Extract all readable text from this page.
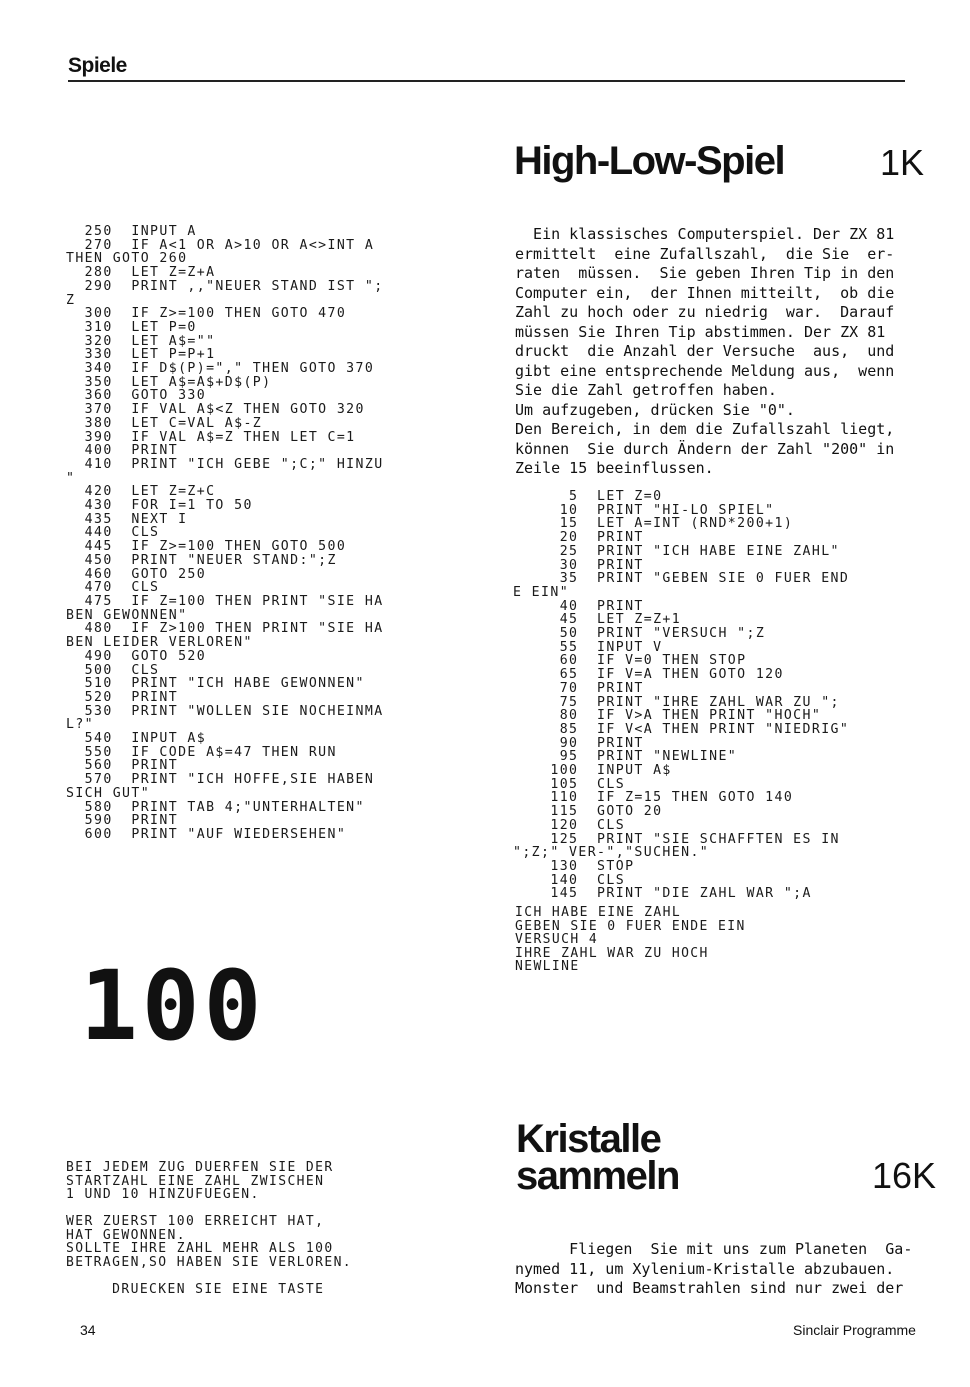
Spiele
High-Low-Spiel	1K
250  INPUT A
270  IF A<1 OR A>10 OR A<>INT A
THEN GOTO 260
280  LET Z=Z+A
290  PRINT ,,"NEUER STAND IST ";
Z
300  IF Z>=100 THEN GOTO 470
310  LET P=0
320  LET A$=""
330  LET P=P+1
340  IF D$(P)="," THEN GOTO 370
350  LET A$=A$+D$(P)
360  GOTO 330
370  IF VAL A$<Z THEN GOTO 320
380  LET C=VAL A$-Z
390  IF VAL A$=Z THEN LET C=1
400  PRINT
410  PRINT "ICH GEBE ";C;" HINZU
"
420  LET Z=Z+C
430  FOR I=1 TO 50
435  NEXT I
440  CLS
445  IF Z>=100 THEN GOTO 500
450  PRINT "NEUER STAND:";Z
460  GOTO 250
470  CLS
475  IF Z=100 THEN PRINT "SIE HA
BEN GEWONNEN"
480  IF Z>100 THEN PRINT "SIE HA
BEN LEIDER VERLOREN"
490  GOTO 520
500  CLS
510  PRINT "ICH HABE GEWONNEN"
520  PRINT
530  PRINT "WOLLEN SIE NOCHEINMA
L?"
540  INPUT A$
550  IF CODE A$=47 THEN RUN
560  PRINT
570  PRINT "ICH HOFFE,SIE HABEN
SICH GUT"
580  PRINT TAB 4;"UNTERHALTEN"
590  PRINT
600  PRINT "AUF WIEDERSEHEN"
Ein klassisches Computerspiel. Der ZX 81
ermittelt  eine Zufallszahl,  die Sie  er-
raten  müssen.  Sie geben Ihren Tip in den
Computer ein,  der Ihnen mitteilt,  ob die
Zahl zu hoch oder zu niedrig  war.  Darauf
müssen Sie Ihren Tip abstimmen. Der ZX 81
druckt  die Anzahl der Versuche  aus,  und
gibt eine entsprechende Meldung aus,  wenn
Sie die Zahl getroffen haben.
Um aufzugeben, drücken Sie "0".
Den Bereich, in dem die Zufallszahl liegt,
können  Sie durch Ändern der Zahl "200" in
Zeile 15 beeinflussen.
5  LET Z=0
10  PRINT "HI-LO SPIEL"
15  LET A=INT (RND*200+1)
20  PRINT
25  PRINT "ICH HABE EINE ZAHL"
30  PRINT
35  PRINT "GEBEN SIE 0 FUER END
E EIN"
40  PRINT
45  LET Z=Z+1
50  PRINT "VERSUCH ";Z
55  INPUT V
60  IF V=0 THEN STOP
65  IF V=A THEN GOTO 120
70  PRINT
75  PRINT "IHRE ZAHL WAR ZU ";
80  IF V>A THEN PRINT "HOCH"
85  IF V<A THEN PRINT "NIEDRIG"
90  PRINT
95  PRINT "NEWLINE"
100  INPUT A$
105  CLS
110  IF Z=15 THEN GOTO 140
115  GOTO 20
120  CLS
125  PRINT "SIE SCHAFFTEN ES IN
";Z;" VER-","SUCHEN."
130  STOP
140  CLS
145  PRINT "DIE ZAHL WAR ";A
ICH HABE EINE ZAHL
GEBEN SIE 0 FUER ENDE EIN
VERSUCH 4
IHRE ZAHL WAR ZU HOCH
NEWLINE
100
BEI JEDEM ZUG DUERFEN SIE DER
STARTZAHL EINE ZAHL ZWISCHEN
1 UND 10 HINZUFUEGEN.

WER ZUERST 100 ERREICHT HAT,
HAT GEWONNEN.
SOLLTE IHRE ZAHL MEHR ALS 100
BETRAGEN,SO HABEN SIE VERLOREN.

DRUECKEN SIE EINE TASTE
Kristalle
sammeln	16K
Fliegen  Sie mit uns zum Planeten  Ga-
nymed 11, um Xylenium-Kristalle abzubauen.
Monster  und Beamstrahlen sind nur zwei der
34	Sinclair Programme
